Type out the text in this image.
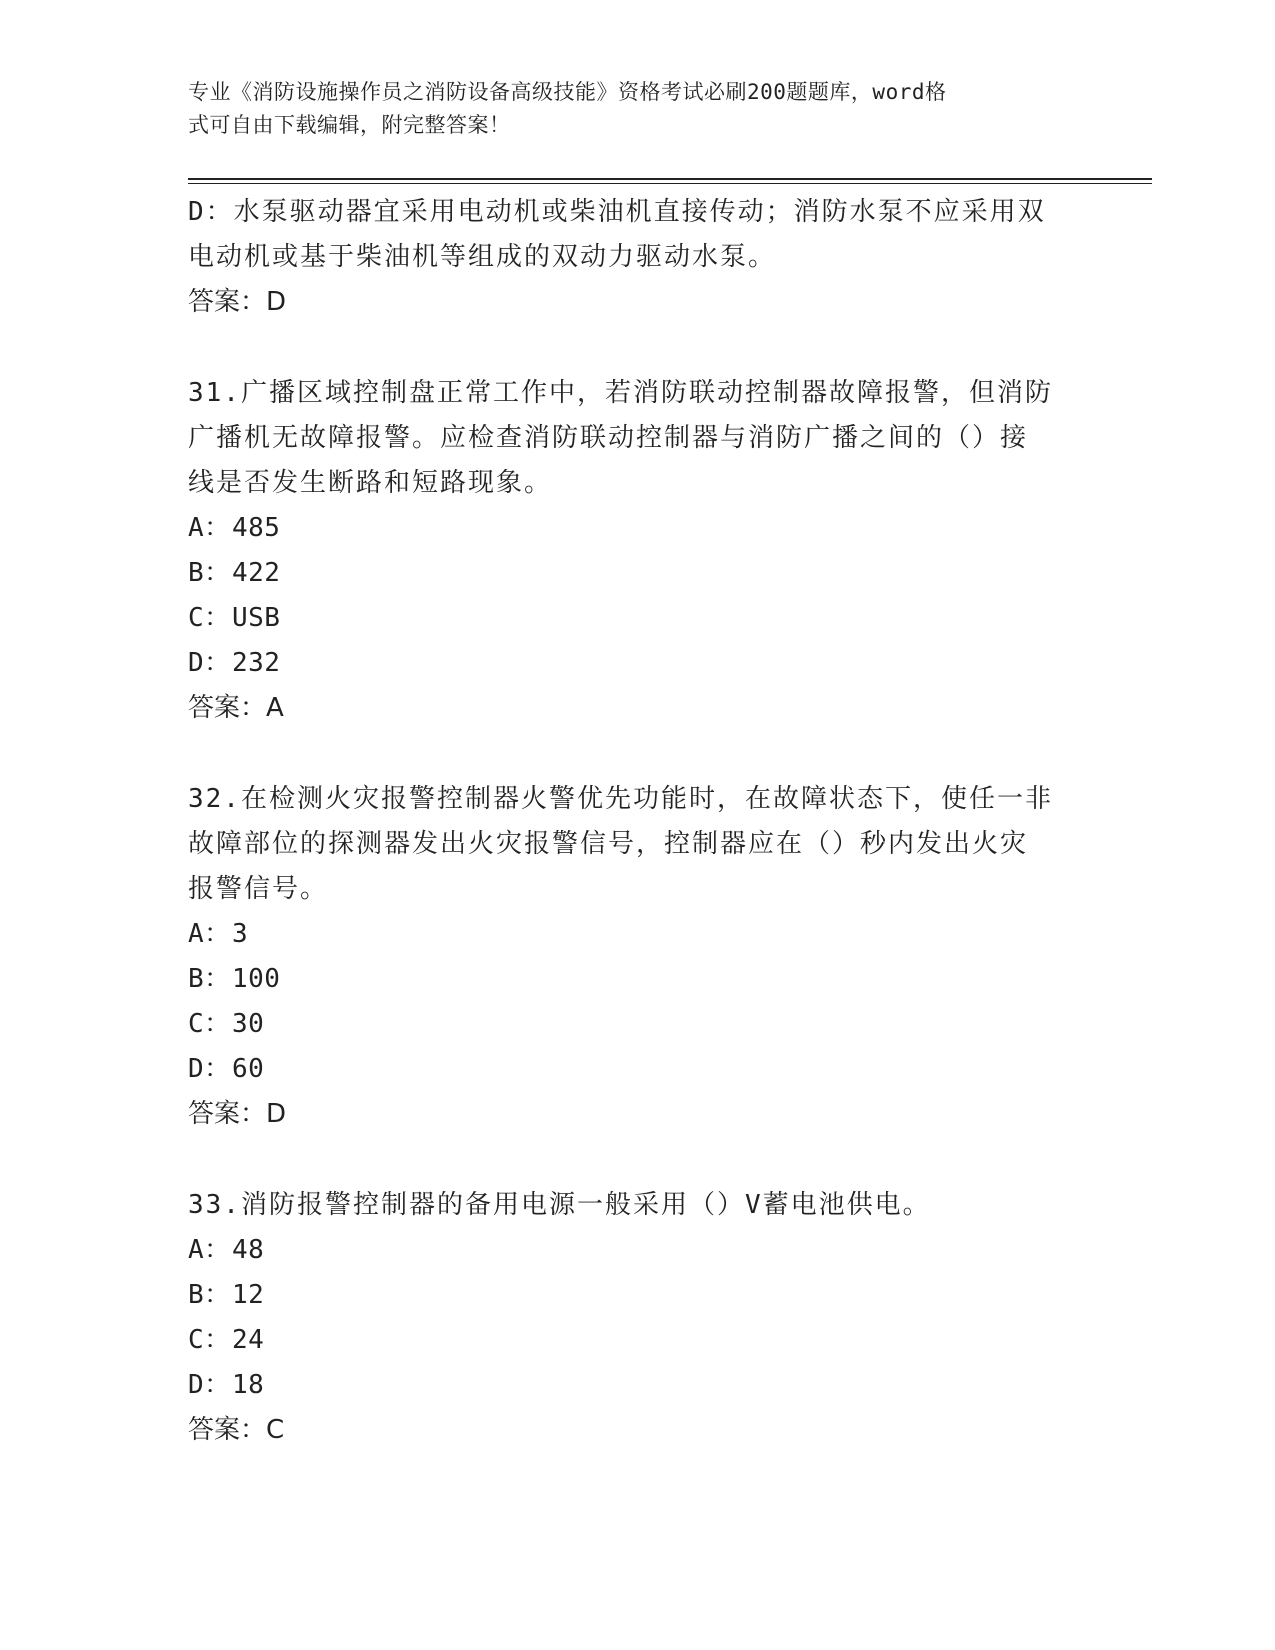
专业《消防设施操作员之消防设备高级技能》资格考试必刷200题题库，word格
式可自由下载编辑，附完整答案！

D：水泵驱动器宜采用电动机或柴油机直接传动；消防水泵不应采用双

电动机或基于柴油机等组成的双动力驱动水泵。

答案：D

31.广播区域控制盘正常工作中，若消防联动控制器故障报警，但消防

广播机无故障报警。应检查消防联动控制器与消防广播之间的（）接

线是否发生断路和短路现象。

A：485

B：422

C：USB

D：232

答案：A

32.在检测火灾报警控制器火警优先功能时，在故障状态下，使任一非

故障部位的探测器发出火灾报警信号，控制器应在（）秒内发出火灾

报警信号。

A：3

B：100

C：30

D：60

答案：D

33.消防报警控制器的备用电源一般采用（）V蓄电池供电。

A：48

B：12

C：24

D：18

答案：C
